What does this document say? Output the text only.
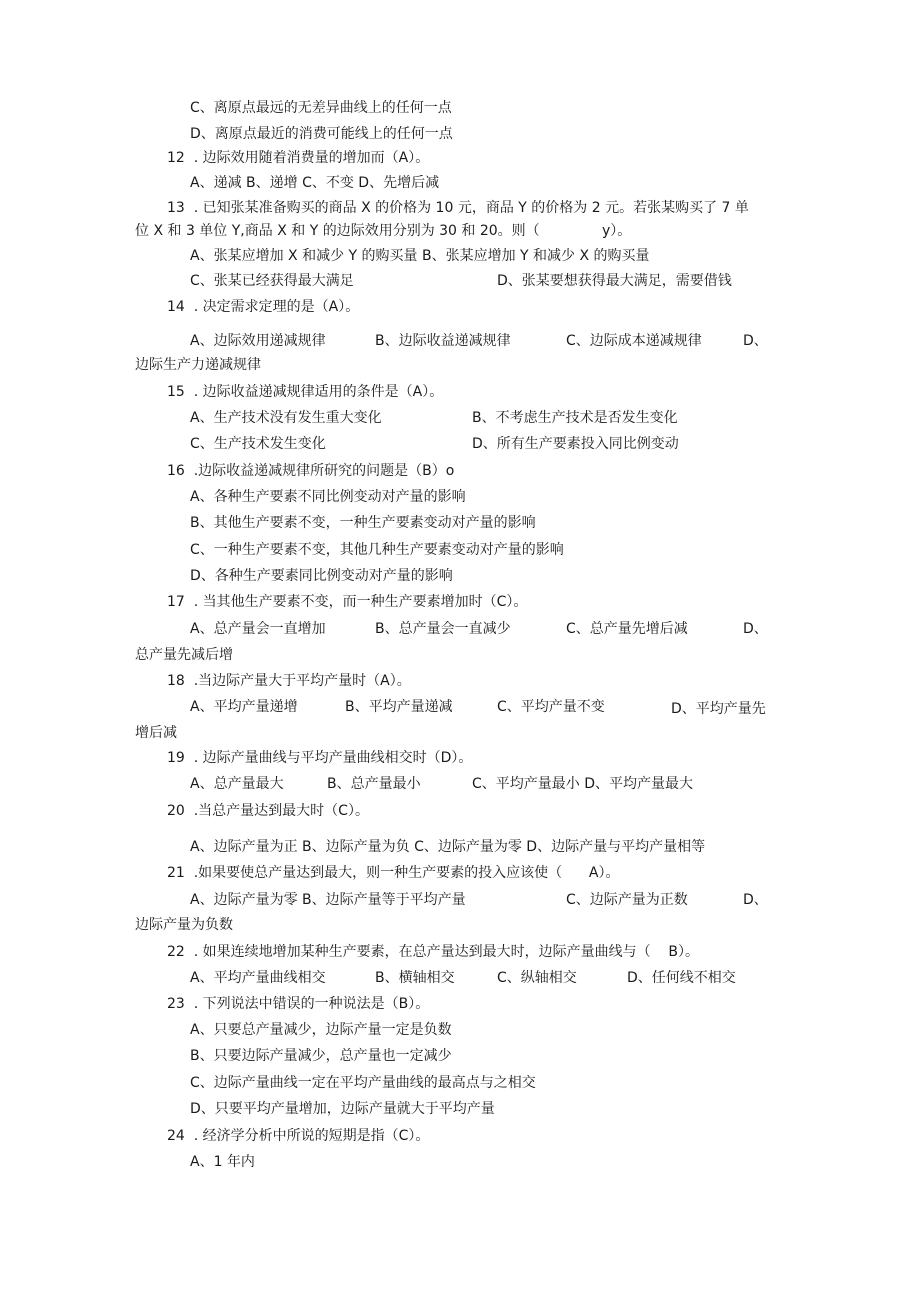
C、离原点最远的无差异曲线上的任何一点
D、离原点最近的消费可能线上的任何一点
12  . 边际效用随着消费量的增加而（A）。
A、递减 B、递增 C、不变 D、先增后减
13  . 已知张某准备购买的商品 X 的价格为 10 元，商品 Y 的价格为 2 元。若张某购买了 7 单
位 X 和 3 单位 Y,商品 X 和 Y 的边际效用分别为 30 和 20。则（              y）。
A、张某应增加 X 和减少 Y 的购买量 B、张某应增加 Y 和减少 X 的购买量
C、张某已经获得最大满足	D、张某要想获得最大满足，需要借钱
14  . 决定需求定理的是（A）。
A、边际效用递减规律	B、边际收益递减规律	C、边际成本递减规律	D、
边际生产力递减规律
15  . 边际收益递减规律适用的条件是（A）。
A、生产技术没有发生重大变化	B、不考虑生产技术是否发生变化
C、生产技术发生变化	D、所有生产要素投入同比例变动
16  .边际收益递减规律所研究的问题是（B）o
A、各种生产要素不同比例变动对产量的影响
B、其他生产要素不变，一种生产要素变动对产量的影响
C、一种生产要素不变，其他几种生产要素变动对产量的影响
D、各种生产要素同比例变动对产量的影响
17  . 当其他生产要素不变，而一种生产要素增加时（C）。
A、总产量会一直增加	B、总产量会一直减少	C、总产量先增后减	D、
总产量先减后增
18  .当边际产量大于平均产量时（A）。
A、平均产量递增	B、平均产量递减	C、平均产量不变	D、平均产量先
增后减
19  . 边际产量曲线与平均产量曲线相交时（D）。
A、总产量最大	B、总产量最小	C、平均产量最小 D、平均产量最大
20  .当总产量达到最大时（C）。
A、边际产量为正 B、边际产量为负 C、边际产量为零 D、边际产量与平均产量相等
21  .如果要使总产量达到最大，则一种生产要素的投入应该使（      A）。
A、边际产量为零 B、边际产量等于平均产量	C、边际产量为正数	D、
边际产量为负数
22  . 如果连续地增加某种生产要素，在总产量达到最大时，边际产量曲线与（    B）。
A、平均产量曲线相交	B、横轴相交	C、纵轴相交	D、任何线不相交
23  . 下列说法中错误的一种说法是（B）。
A、只要总产量减少，边际产量一定是负数
B、只要边际产量减少，总产量也一定减少
C、边际产量曲线一定在平均产量曲线的最高点与之相交
D、只要平均产量增加，边际产量就大于平均产量
24  . 经济学分析中所说的短期是指（C）。
A、1 年内
